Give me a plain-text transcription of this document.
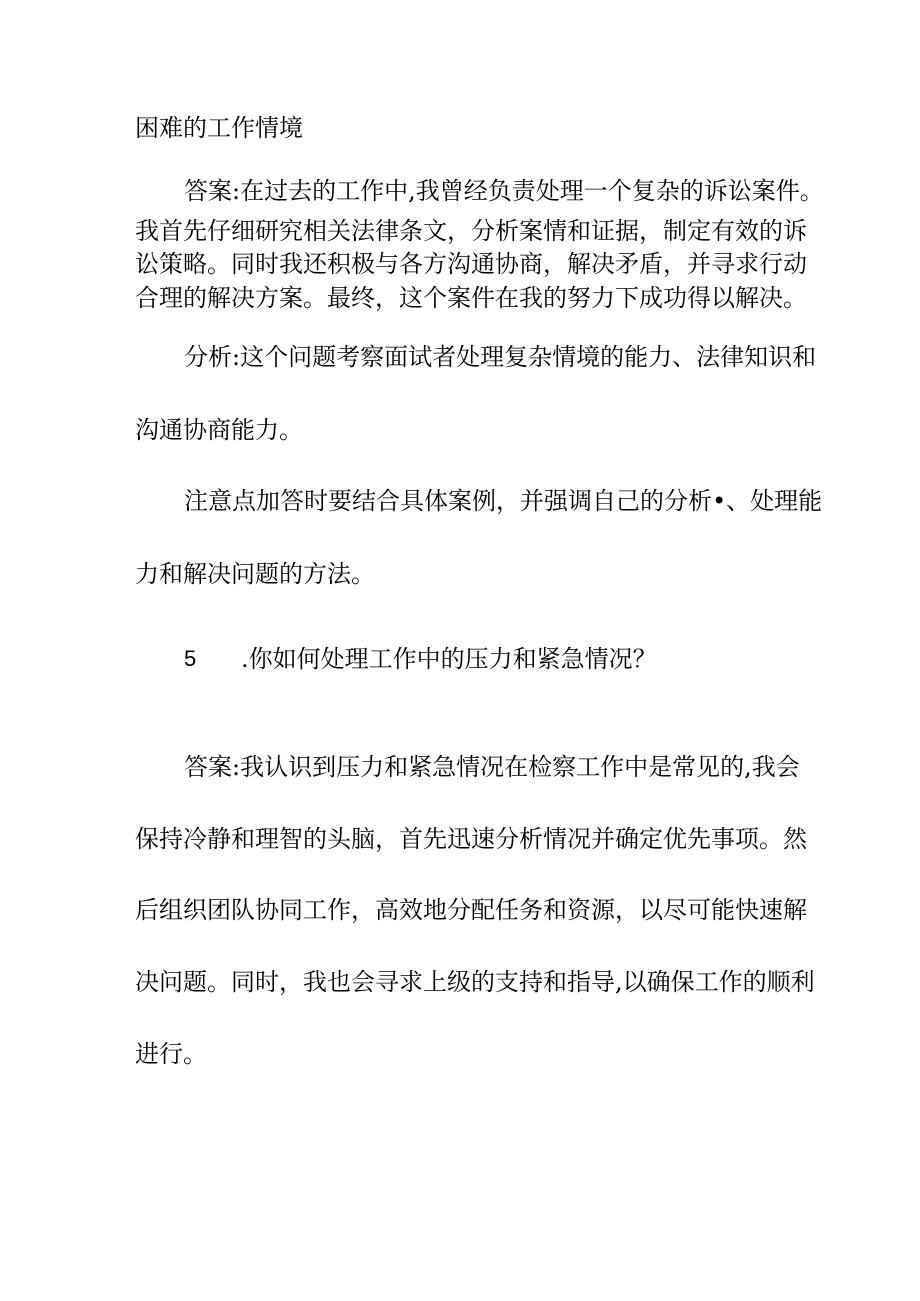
困难的工作情境

答案:在过去的工作中,我曾经负责处理一个复杂的诉讼案件。

我首先仔细研究相关法律条文，分析案情和证据，制定有效的诉

讼策略。同时我还积极与各方沟通协商，解决矛盾，并寻求行动

合理的解决方案。最终，这个案件在我的努力下成功得以解决。

分析:这个问题考察面试者处理复杂情境的能力、法律知识和

沟通协商能力。

注意点加答时要结合具体案例，并强调自己的分析•、处理能

力和解决问题的方法。

5 .你如何处理工作中的压力和紧急情况？

答案:我认识到压力和紧急情况在检察工作中是常见的,我会

保持冷静和理智的头脑，首先迅速分析情况并确定优先事项。然

后组织团队协同工作，高效地分配任务和资源，以尽可能快速解

决问题。同时，我也会寻求上级的支持和指导,以确保工作的顺利

进行。
